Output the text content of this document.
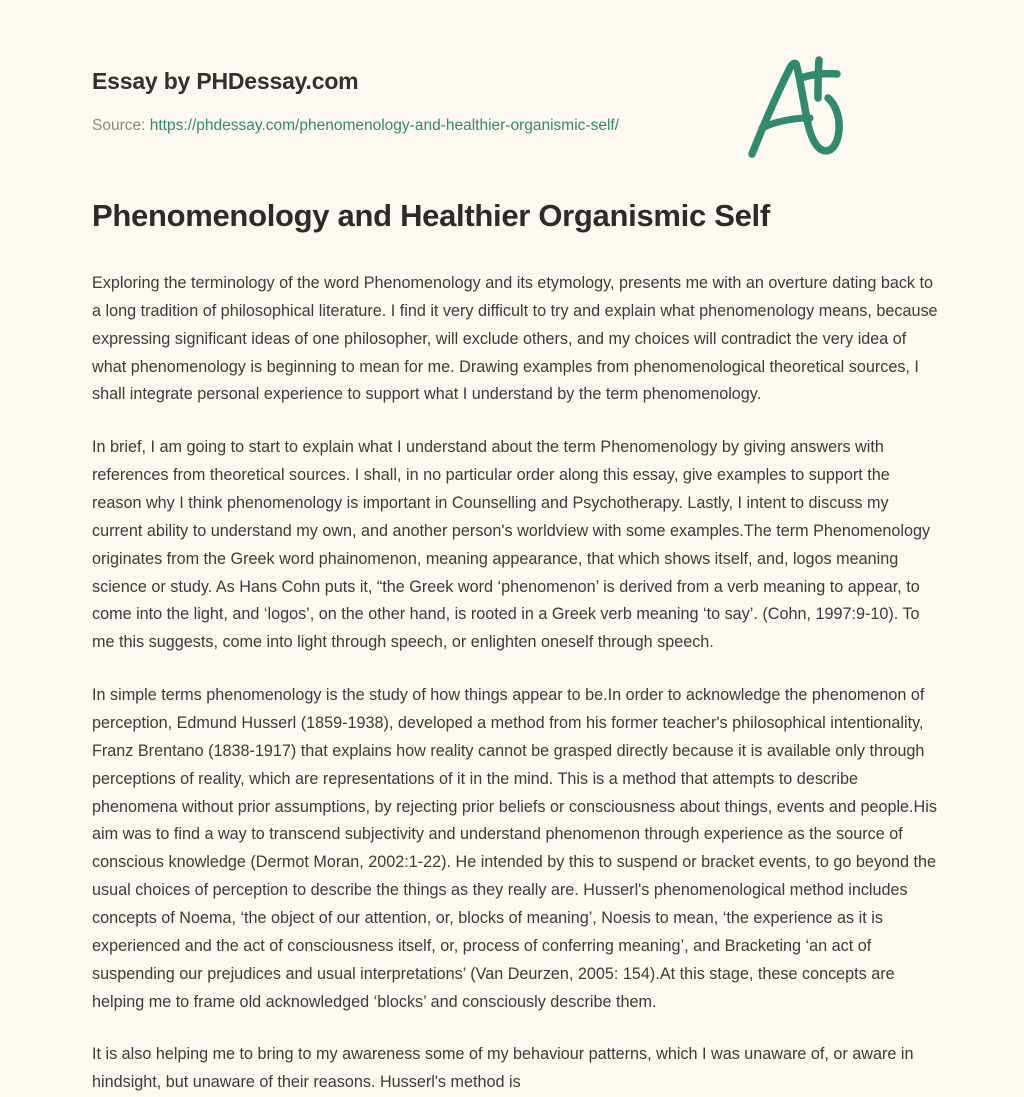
Essay by PHDessay.com
Source: https://phdessay.com/phenomenology-and-healthier-organismic-self/
Phenomenology and Healthier Organismic Self

Exploring the terminology of the word Phenomenology and its etymology, presents me with an overture dating back to a long tradition of philosophical literature. I find it very difficult to try and explain what phenomenology means, because expressing significant ideas of one philosopher, will exclude others, and my choices will contradict the very idea of what phenomenology is beginning to mean for me. Drawing examples from phenomenological theoretical sources, I shall integrate personal experience to support what I understand by the term phenomenology.

In brief, I am going to start to explain what I understand about the term Phenomenology by giving answers with references from theoretical sources. I shall, in no particular order along this essay, give examples to support the reason why I think phenomenology is important in Counselling and Psychotherapy. Lastly, I intent to discuss my current ability to understand my own, and another person's worldview with some examples.The term Phenomenology originates from the Greek word phainomenon, meaning appearance, that which shows itself, and, logos meaning science or study. As Hans Cohn puts it, “the Greek word ‘phenomenon’ is derived from a verb meaning to appear, to come into the light, and ‘logos’, on the other hand, is rooted in a Greek verb meaning ‘to say’. (Cohn, 1997:9-10). To me this suggests, come into light through speech, or enlighten oneself through speech.

In simple terms phenomenology is the study of how things appear to be.In order to acknowledge the phenomenon of perception, Edmund Husserl (1859-1938), developed a method from his former teacher's philosophical intentionality, Franz Brentano (1838-1917) that explains how reality cannot be grasped directly because it is available only through perceptions of reality, which are representations of it in the mind. This is a method that attempts to describe phenomena without prior assumptions, by rejecting prior beliefs or consciousness about things, events and people.His aim was to find a way to transcend subjectivity and understand phenomenon through experience as the source of conscious knowledge (Dermot Moran, 2002:1-22). He intended by this to suspend or bracket events, to go beyond the usual choices of perception to describe the things as they really are. Husserl's phenomenological method includes concepts of Noema, ‘the object of our attention, or, blocks of meaning’, Noesis to mean, ‘the experience as it is experienced and the act of consciousness itself, or, process of conferring meaning’, and Bracketing ‘an act of suspending our prejudices and usual interpretations’ (Van Deurzen, 2005: 154).At this stage, these concepts are helping me to frame old acknowledged ‘blocks’ and consciously describe them.

It is also helping me to bring to my awareness some of my behaviour patterns, which I was unaware of, or aware in hindsight, but unaware of their reasons. Husserl's method is
